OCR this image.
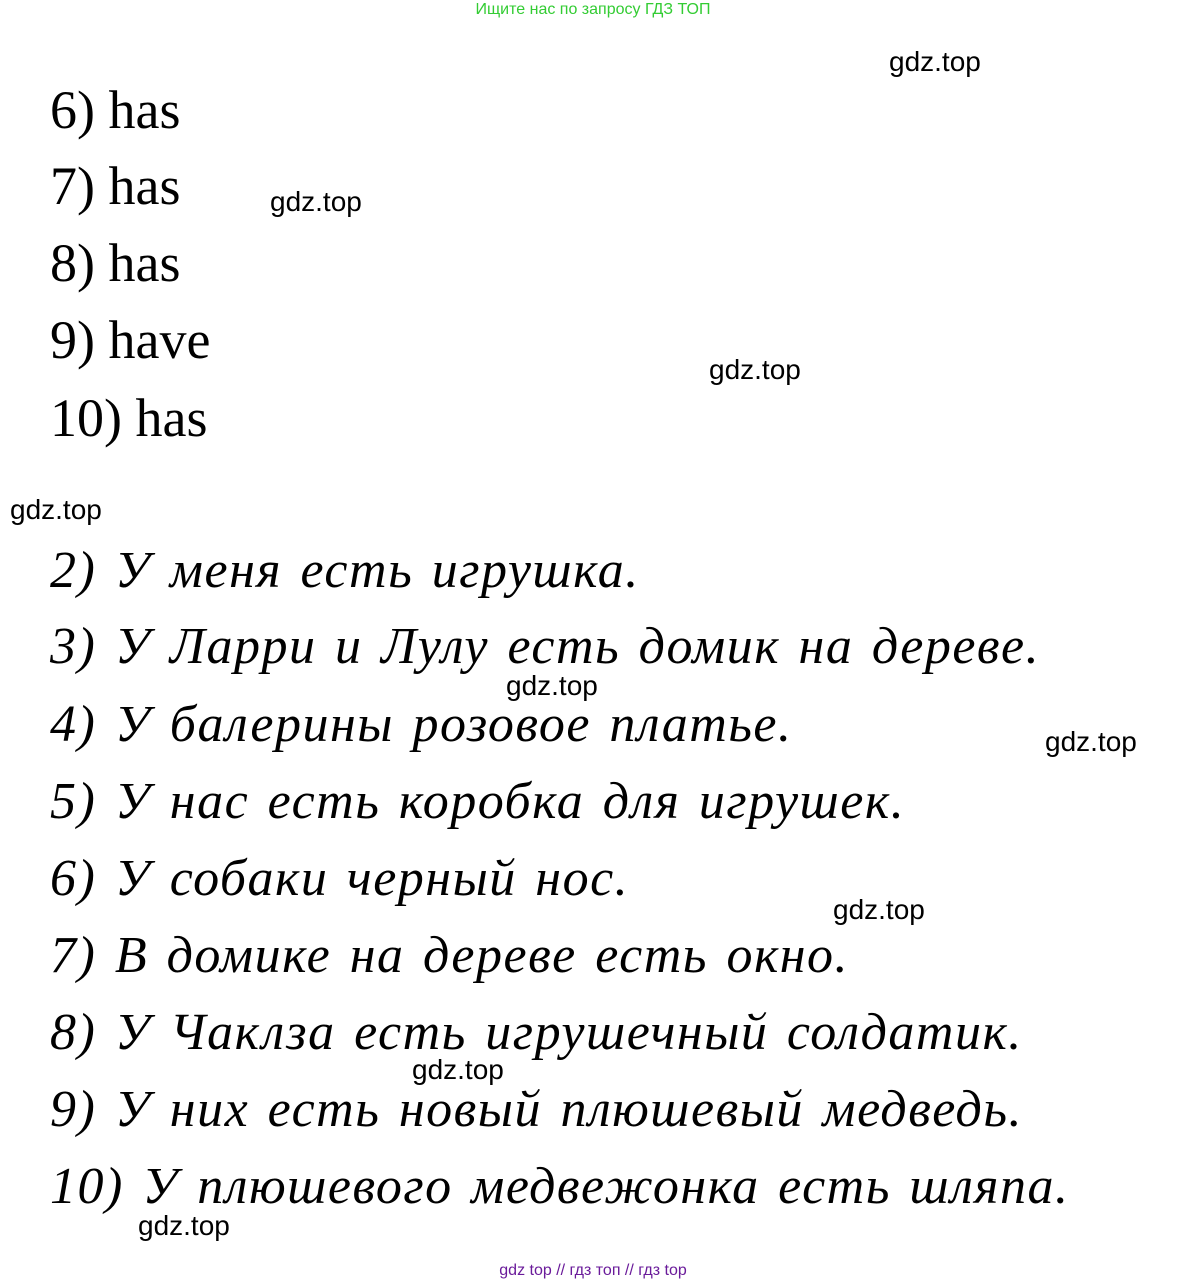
Ищите нас по запросу ГДЗ ТОП
6) has
7) has
8) has
9) have
10) has
2) У меня есть игрушка.
3) У Ларри и Лулу есть домик на дереве.
4) У балерины розовое платье.
5) У нас есть коробка для игрушек.
6) У собаки черный нос.
7) В домике на дереве есть окно.
8) У Чаклза есть игрушечный солдатик.
9) У них есть новый плюшевый медведь.
10) У плюшевого медвежонка есть шляпа.
gdz.top
gdz.top
gdz.top
gdz.top
gdz.top
gdz.top
gdz.top
gdz.top
gdz.top
gdz top // гдз топ // гдз top
